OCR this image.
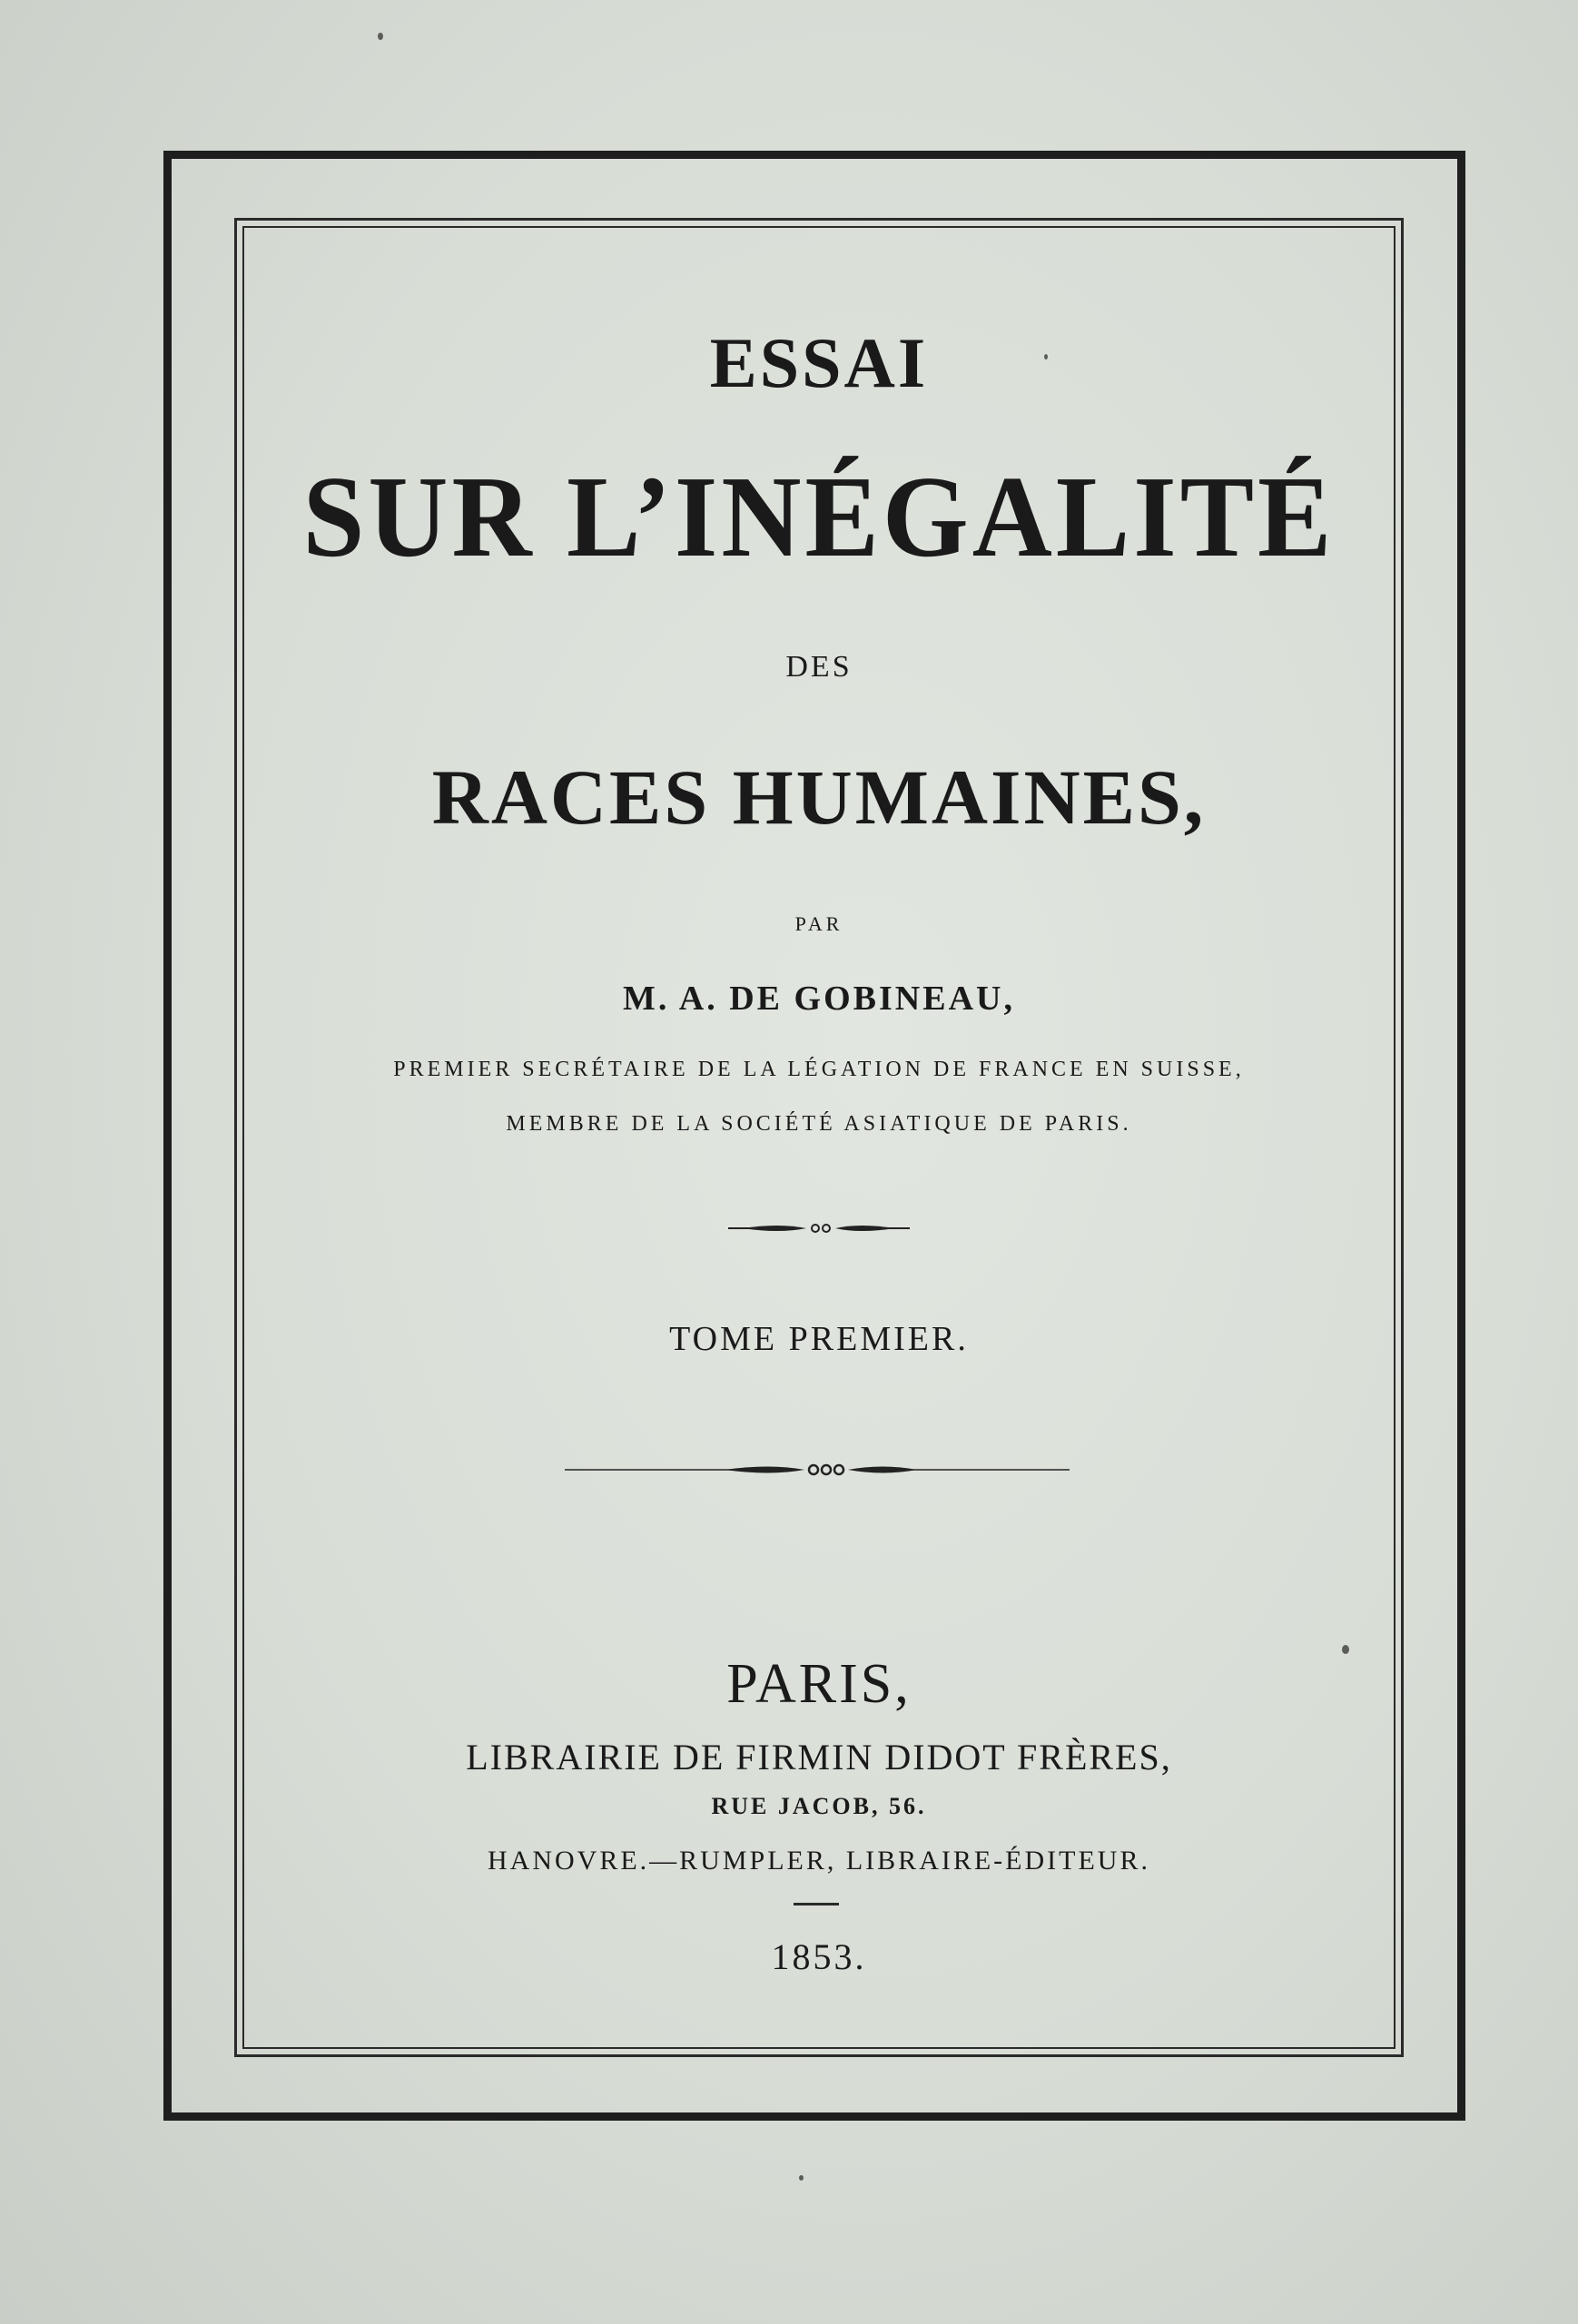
ESSAI
SUR L’INÉGALITÉ
DES
RACES HUMAINES,
PAR
M. A. DE GOBINEAU,
PREMIER SECRÉTAIRE DE LA LÉGATION DE FRANCE EN SUISSE,
MEMBRE DE LA SOCIÉTÉ ASIATIQUE DE PARIS.
TOME PREMIER.
PARIS,
LIBRAIRIE DE FIRMIN DIDOT FRÈRES,
RUE JACOB, 56.
HANOVRE.—RUMPLER, LIBRAIRE-ÉDITEUR.
1853.
